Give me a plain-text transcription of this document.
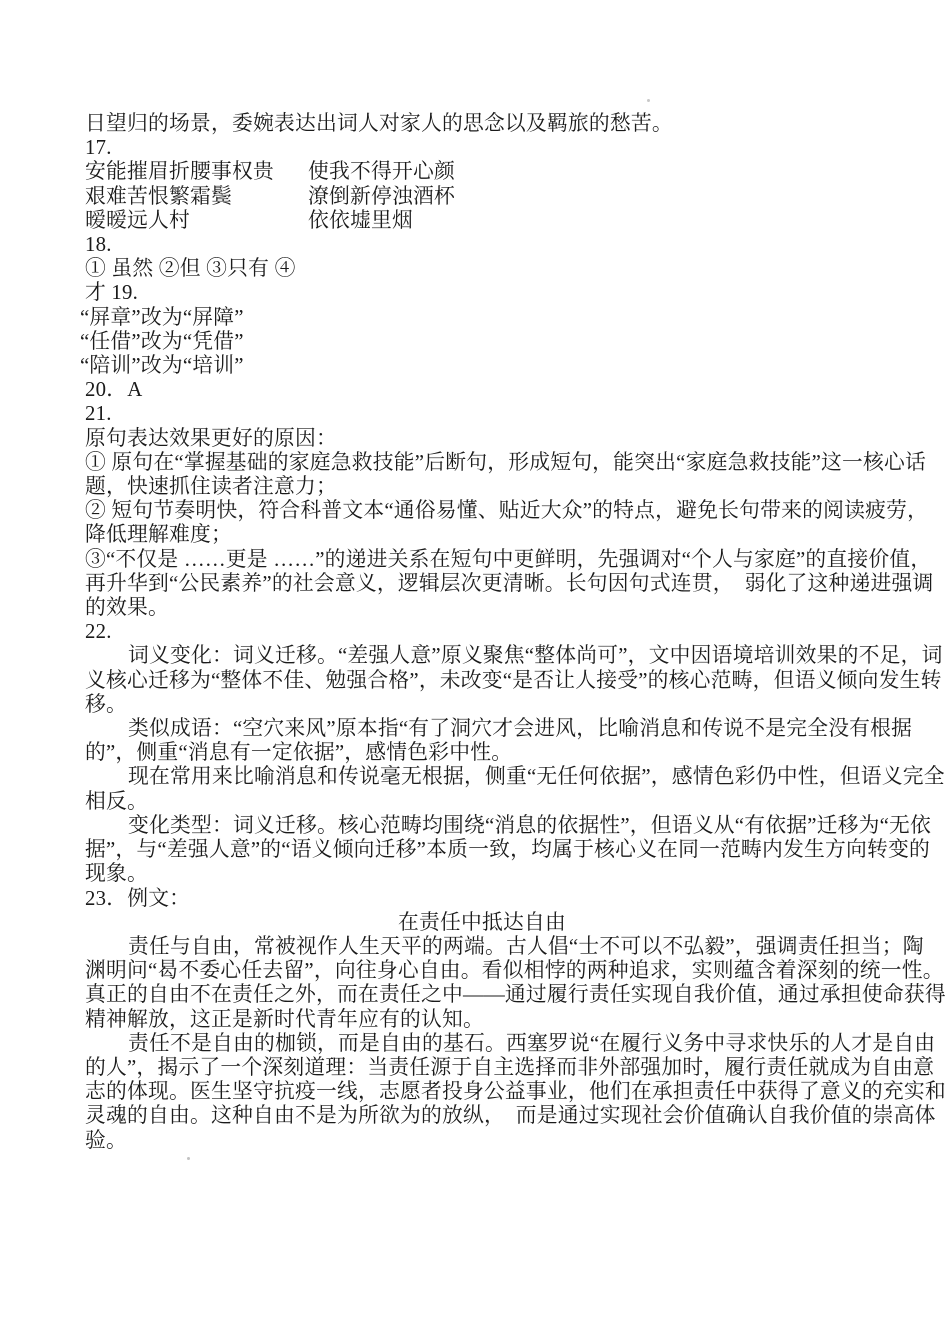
日望归的场景，委婉表达出词人对家人的思念以及羁旅的愁苦。
17.
安能摧眉折腰事权贵 使我不得开心颜
艰难苦恨繁霜鬓	潦倒新停浊酒杯
暧暧远人村	依依墟里烟
18.
① 虽然 ②但 ③只有 ④
才 19.
“屏章”改为“屏障”
“任借”改为“凭借”
“陪训”改为“培训”
20．A
21.
原句表达效果更好的原因：
① 原句在“掌握基础的家庭急救技能”后断句，形成短句，能突出“家庭急救技能”这一核心话
题，快速抓住读者注意力；
② 短句节奏明快，符合科普文本“通俗易懂、贴近大众”的特点，避免长句带来的阅读疲劳，
降低理解难度；
③“不仅是 ……更是 ……”的递进关系在短句中更鲜明，先强调对“个人与家庭”的直接价值，
再升华到“公民素养”的社会意义，逻辑层次更清晰。长句因句式连贯，  弱化了这种递进强调
的效果。
22.
词义变化：词义迁移。“差强人意”原义聚焦“整体尚可”，文中因语境培训效果的不足，词
义核心迁移为“整体不佳、勉强合格”，未改变“是否让人接受”的核心范畴，但语义倾向发生转
移。
类似成语：“空穴来风”原本指“有了洞穴才会进风，比喻消息和传说不是完全没有根据
的”，侧重“消息有一定依据”，感情色彩中性。
现在常用来比喻消息和传说毫无根据，侧重“无任何依据”，感情色彩仍中性，但语义完全
相反。
变化类型：词义迁移。核心范畴均围绕“消息的依据性”，但语义从“有依据”迁移为“无依
据”，与“差强人意”的“语义倾向迁移”本质一致，均属于核心义在同一范畴内发生方向转变的
现象。
23．例文：
在责任中抵达自由
责任与自由，常被视作人生天平的两端。古人倡“士不可以不弘毅”，强调责任担当；陶
渊明问“曷不委心任去留”，向往身心自由。看似相悖的两种追求，实则蕴含着深刻的统一性。
真正的自由不在责任之外，而在责任之中——通过履行责任实现自我价值，通过承担使命获得
精神解放，这正是新时代青年应有的认知。
责任不是自由的枷锁，而是自由的基石。西塞罗说“在履行义务中寻求快乐的人才是自由
的人”，揭示了一个深刻道理：当责任源于自主选择而非外部强加时，履行责任就成为自由意
志的体现。医生坚守抗疫一线，志愿者投身公益事业，他们在承担责任中获得了意义的充实和
灵魂的自由。这种自由不是为所欲为的放纵，  而是通过实现社会价值确认自我价值的崇高体
验。
